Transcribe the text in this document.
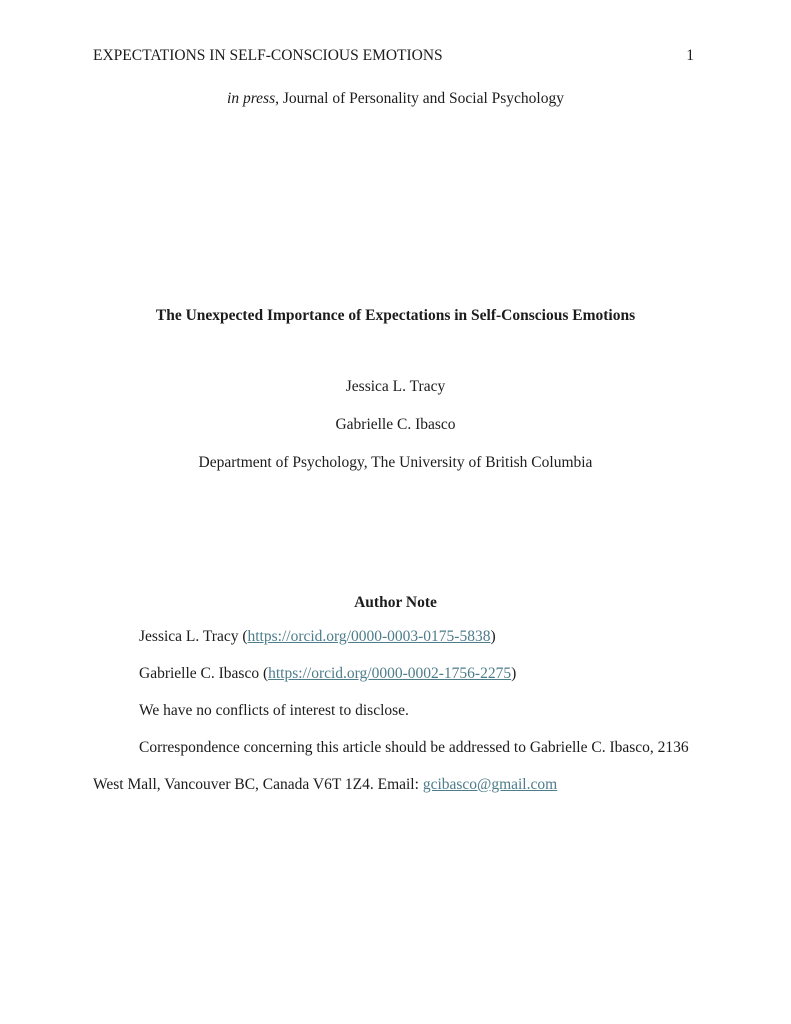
EXPECTATIONS IN SELF-CONSCIOUS EMOTIONS	1
in press, Journal of Personality and Social Psychology
The Unexpected Importance of Expectations in Self-Conscious Emotions
Jessica L. Tracy
Gabrielle C. Ibasco
Department of Psychology, The University of British Columbia
Author Note
Jessica L. Tracy (https://orcid.org/0000-0003-0175-5838)
Gabrielle C. Ibasco (https://orcid.org/0000-0002-1756-2275)
We have no conflicts of interest to disclose.
Correspondence concerning this article should be addressed to Gabrielle C. Ibasco, 2136
West Mall, Vancouver BC, Canada V6T 1Z4. Email: gcibasco@gmail.com
